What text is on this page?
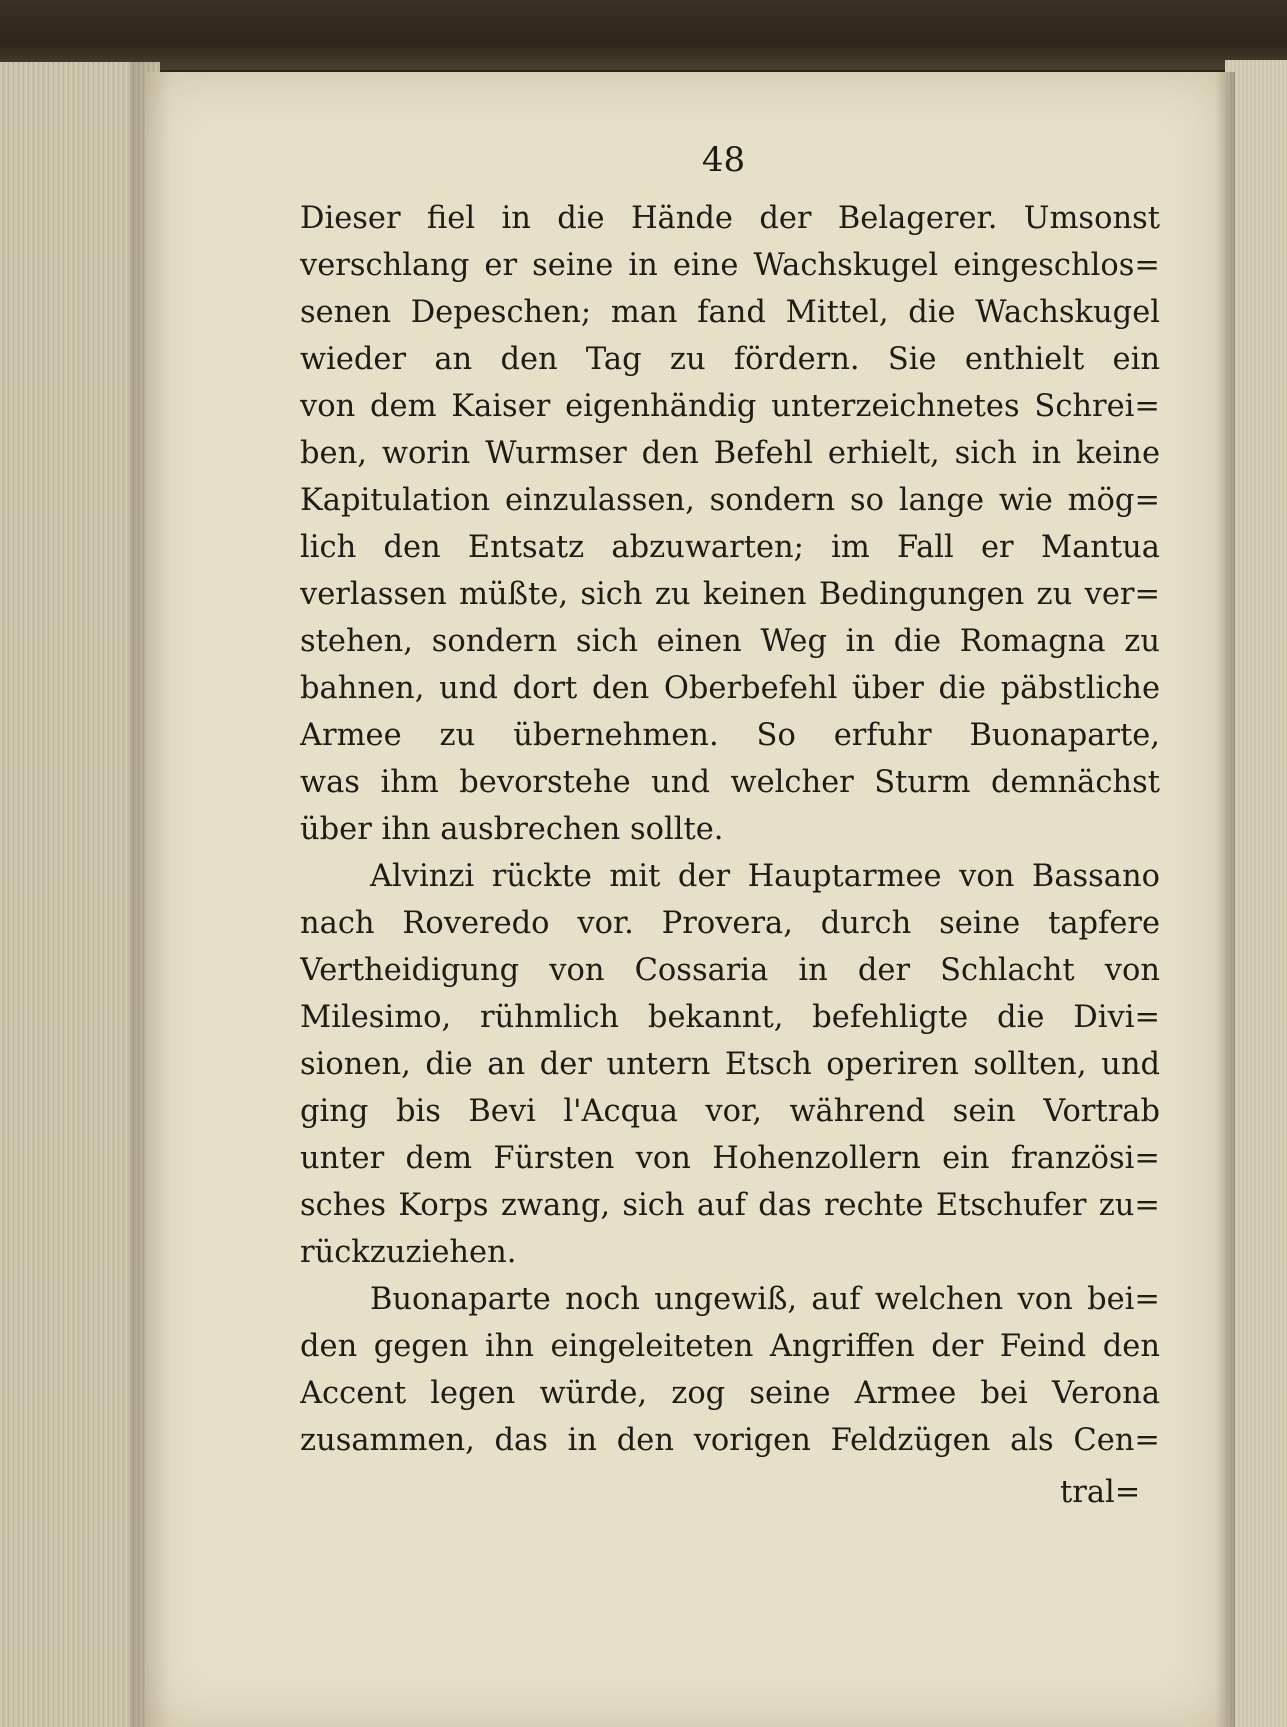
48

Dieser fiel in die Hände der Belagerer. Umsonst
verschlang er seine in eine Wachskugel eingeschlos=
senen Depeschen; man fand Mittel, die Wachskugel
wieder an den Tag zu fördern. Sie enthielt ein
von dem Kaiser eigenhändig unterzeichnetes Schrei=
ben, worin Wurmser den Befehl erhielt, sich in keine
Kapitulation einzulassen, sondern so lange wie mög=
lich den Entsatz abzuwarten; im Fall er Mantua
verlassen müßte, sich zu keinen Bedingungen zu ver=
stehen, sondern sich einen Weg in die Romagna zu
bahnen, und dort den Oberbefehl über die päbstliche
Armee zu übernehmen. So erfuhr Buonaparte,
was ihm bevorstehe und welcher Sturm demnächst
über ihn ausbrechen sollte.

Alvinzi rückte mit der Hauptarmee von Bassano
nach Roveredo vor. Provera, durch seine tapfere
Vertheidigung von Cossaria in der Schlacht von
Milesimo, rühmlich bekannt, befehligte die Divi=
sionen, die an der untern Etsch operiren sollten, und
ging bis Bevi l'Acqua vor, während sein Vortrab
unter dem Fürsten von Hohenzollern ein französi=
sches Korps zwang, sich auf das rechte Etschufer zu=
rückzuziehen.

Buonaparte noch ungewiß, auf welchen von bei=
den gegen ihn eingeleiteten Angriffen der Feind den
Accent legen würde, zog seine Armee bei Verona
zusammen, das in den vorigen Feldzügen als Cen=

tral=
